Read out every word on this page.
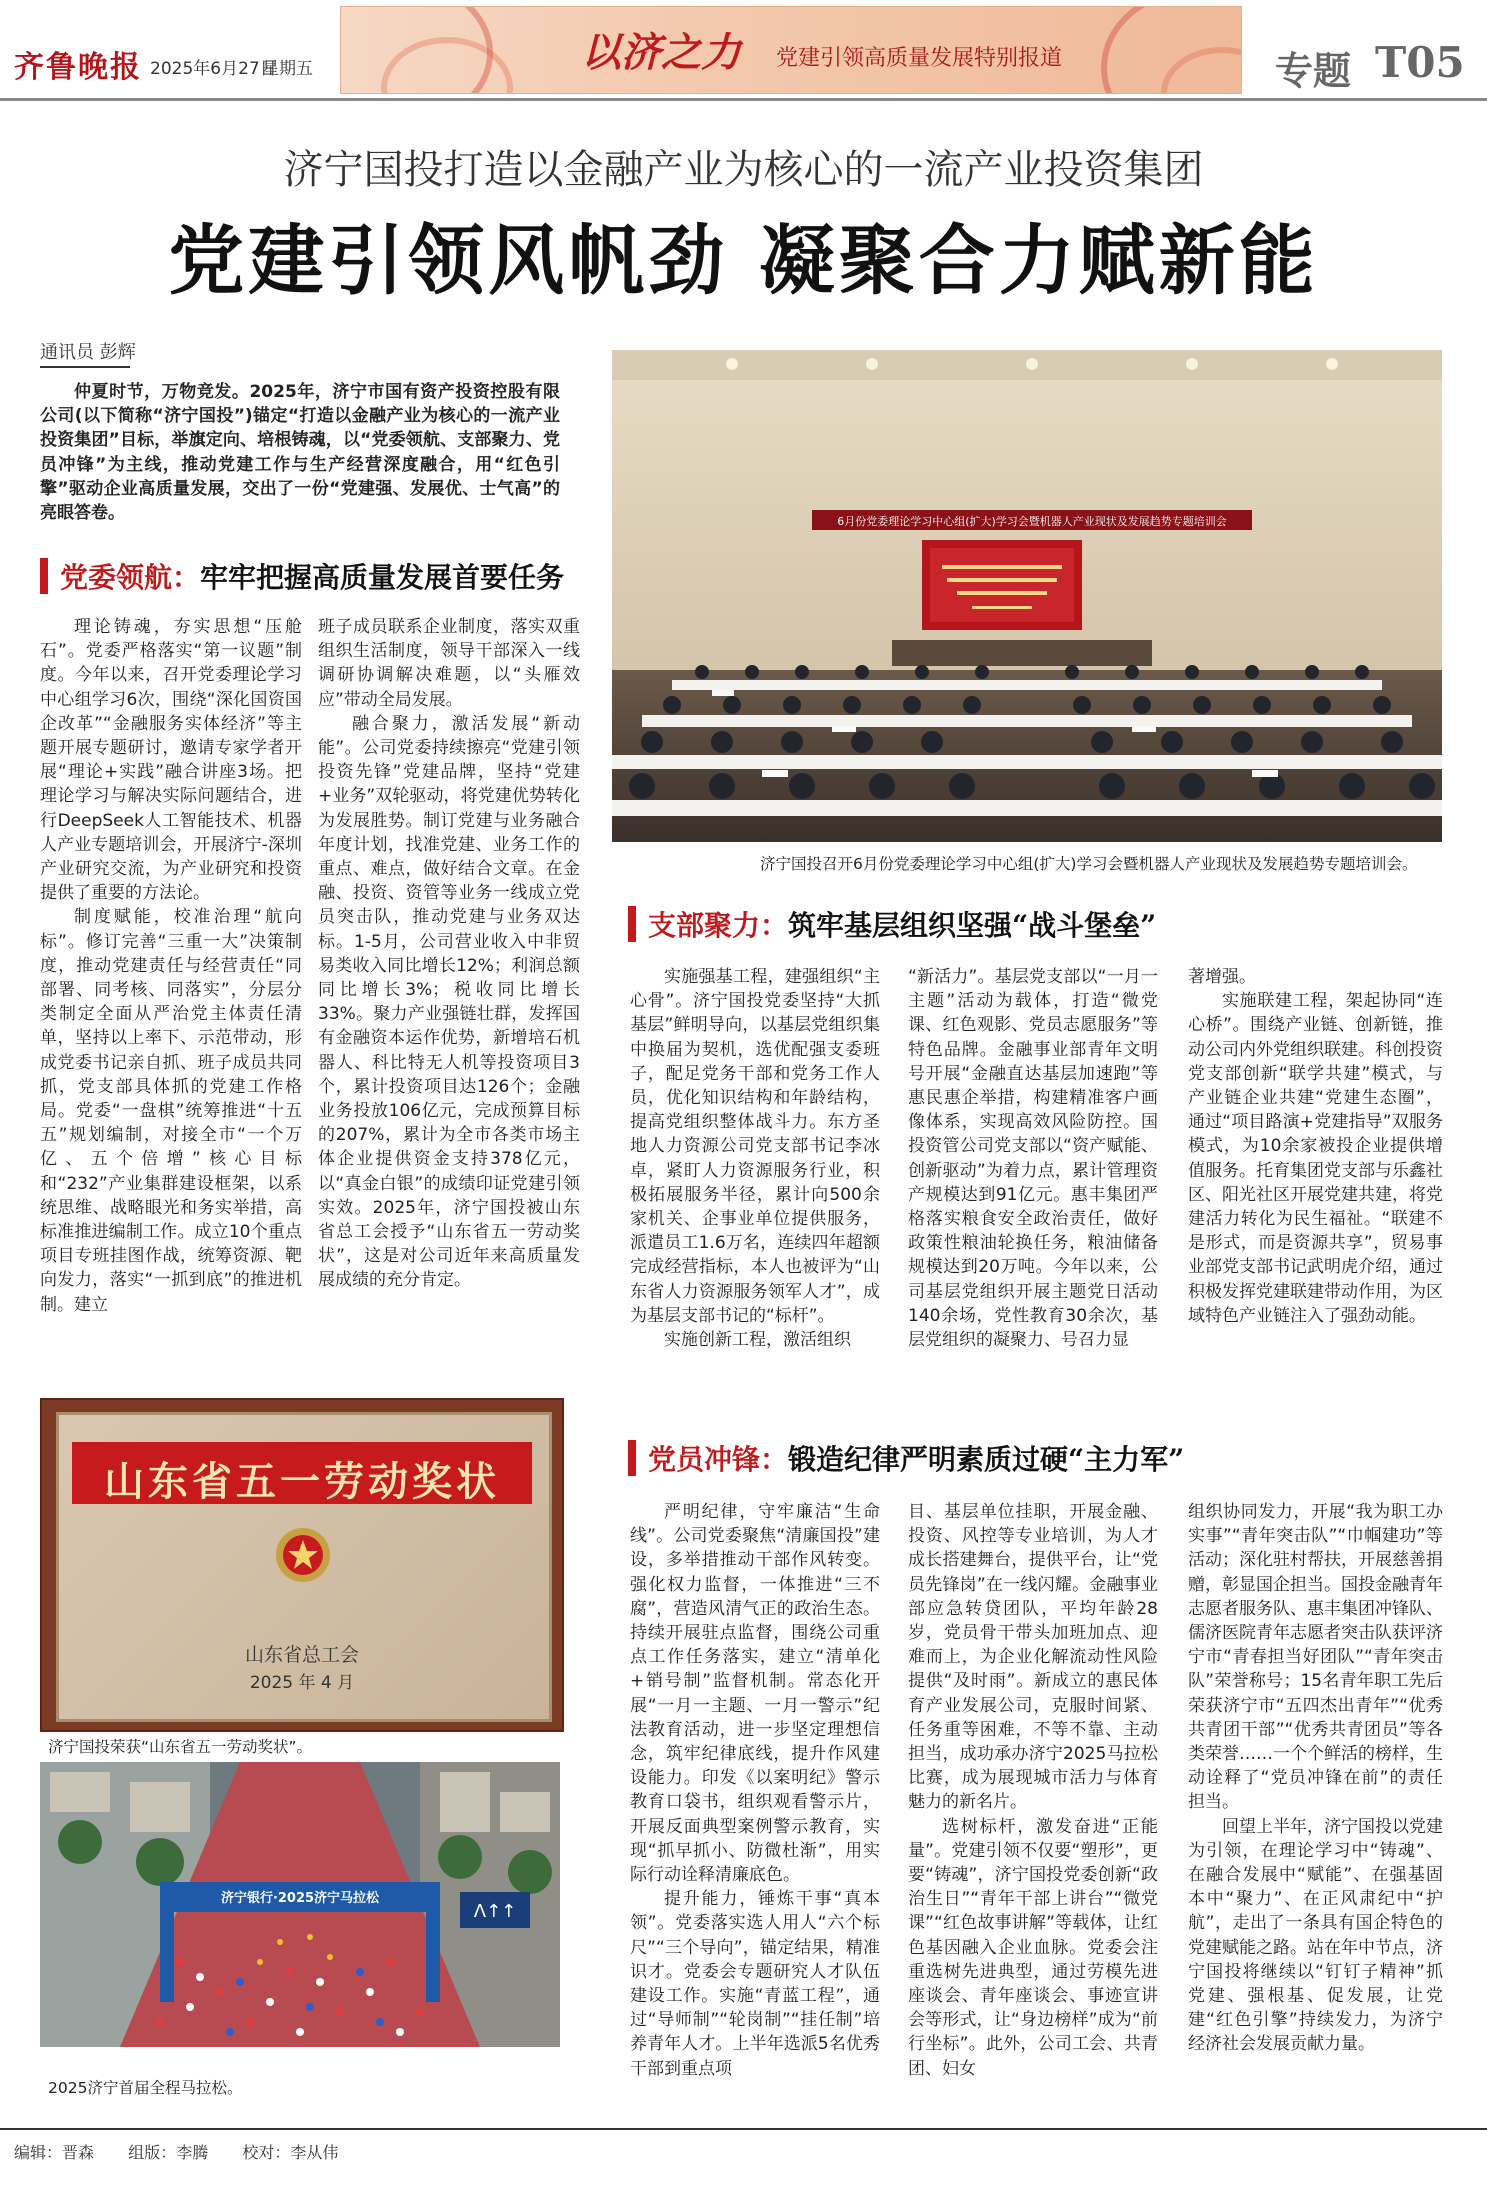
齐鲁晚报 2025年6月27日
星期五	以济之力 党建引领高质量发展特别报道	专题 T05
济宁国投打造以金融产业为核心的一流产业投资集团
党建引领风帆劲 凝聚合力赋新能
通讯员 彭辉

仲夏时节，万物竞发。2025年，济宁市国有资产投资控股有限公司(以下简称“济宁国投”)锚定“打造以金融产业为核心的一流产业投资集团”目标，举旗定向、培根铸魂，以“党委领航、支部聚力、党员冲锋”为主线，推动党建工作与生产经营深度融合，用“红色引擎”驱动企业高质量发展，交出了一份“党建强、发展优、士气高”的亮眼答卷。

党委领航： 牢牢把握高质量发展首要任务

理论铸魂，夯实思想“压舱石”。党委严格落实“第一议题”制度。今年以来，召开党委理论学习中心组学习6次，围绕“深化国资国企改革”“金融服务实体经济”等主题开展专题研讨，邀请专家学者开展“理论+实践”融合讲座3场。把理论学习与解决实际问题结合，进行DeepSeek人工智能技术、机器人产业专题培训会，开展济宁-深圳产业研究交流，为产业研究和投资提供了重要的方法论。

制度赋能，校准治理“航向标”。修订完善“三重一大”决策制度，推动党建责任与经营责任“同部署、同考核、同落实”，分层分类制定全面从严治党主体责任清单，坚持以上率下、示范带动，形成党委书记亲自抓、班子成员共同抓，党支部具体抓的党建工作格局。党委“一盘棋”统筹推进“十五五”规划编制，对接全市“一个万亿、五个倍增”核心目标和“232”产业集群建设框架，以系统思维、战略眼光和务实举措，高标准推进编制工作。成立10个重点项目专班挂图作战，统筹资源、靶向发力，落实“一抓到底”的推进机制。建立

班子成员联系企业制度，落实双重组织生活制度，领导干部深入一线调研协调解决难题，以“头雁效应”带动全局发展。

融合聚力，激活发展“新动能”。公司党委持续擦亮“党建引领 投资先锋”党建品牌，坚持“党建+业务”双轮驱动，将党建优势转化为发展胜势。制订党建与业务融合年度计划，找准党建、业务工作的重点、难点，做好结合文章。在金融、投资、资管等业务一线成立党员突击队，推动党建与业务双达标。1-5月，公司营业收入中非贸易类收入同比增长12%；利润总额同比增长3%；税收同比增长33%。聚力产业强链壮群，发挥国有金融资本运作优势，新增培石机器人、科比特无人机等投资项目3个，累计投资项目达126个；金融业务投放106亿元，完成预算目标的207%，累计为全市各类市场主体企业提供资金支持378亿元，以“真金白银”的成绩印证党建引领实效。2025年，济宁国投被山东省总工会授予“山东省五一劳动奖状”，这是对公司近年来高质量发展成绩的充分肯定。

6月份党委理论学习中心组(扩大)学习会暨机器人产业现状及发展趋势专题培训会
济宁国投召开6月份党委理论学习中心组(扩大)学习会暨机器人产业现状及发展趋势专题培训会。
支部聚力： 筑牢基层组织坚强“战斗堡垒”

实施强基工程，建强组织“主心骨”。济宁国投党委坚持“大抓基层”鲜明导向，以基层党组织集中换届为契机，选优配强支委班子，配足党务干部和党务工作人员，优化知识结构和年龄结构，提高党组织整体战斗力。东方圣地人力资源公司党支部书记李冰卓，紧盯人力资源服务行业，积极拓展服务半径，累计向500余家机关、企事业单位提供服务，派遣员工1.6万名，连续四年超额完成经营指标，本人也被评为“山东省人力资源服务领军人才”，成为基层支部书记的“标杆”。

实施创新工程，激活组织

“新活力”。基层党支部以“一月一主题”活动为载体，打造“微党课、红色观影、党员志愿服务”等特色品牌。金融事业部青年文明号开展“金融直达基层加速跑”等惠民惠企举措，构建精准客户画像体系，实现高效风险防控。国投资管公司党支部以“资产赋能、创新驱动”为着力点，累计管理资产规模达到91亿元。惠丰集团严格落实粮食安全政治责任，做好政策性粮油轮换任务，粮油储备规模达到20万吨。今年以来，公司基层党组织开展主题党日活动140余场，党性教育30余次，基层党组织的凝聚力、号召力显

著增强。

实施联建工程，架起协同“连心桥”。围绕产业链、创新链，推动公司内外党组织联建。科创投资党支部创新“联学共建”模式，与产业链企业共建“党建生态圈”，通过“项目路演+党建指导”双服务模式，为10余家被投企业提供增值服务。托育集团党支部与乐鑫社区、阳光社区开展党建共建，将党建活力转化为民生福祉。“联建不是形式，而是资源共享”，贸易事业部党支部书记武明虎介绍，通过积极发挥党建联建带动作用，为区域特色产业链注入了强劲动能。

山东省五一劳动奖状
山东省总工会
2025 年 4 月
济宁国投荣获“山东省五一劳动奖状”。
济宁银行·2025济宁马拉松
ᐱ↑↑
2025济宁首届全程马拉松。
党员冲锋： 锻造纪律严明素质过硬“主力军”

严明纪律，守牢廉洁“生命线”。公司党委聚焦“清廉国投”建设，多举措推动干部作风转变。强化权力监督，一体推进“三不腐”，营造风清气正的政治生态。持续开展驻点监督，围绕公司重点工作任务落实，建立“清单化+销号制”监督机制。常态化开展“一月一主题、一月一警示”纪法教育活动，进一步坚定理想信念，筑牢纪律底线，提升作风建设能力。印发《以案明纪》警示教育口袋书，组织观看警示片，开展反面典型案例警示教育，实现“抓早抓小、防微杜渐”，用实际行动诠释清廉底色。

提升能力，锤炼干事“真本领”。党委落实选人用人“六个标尺”“三个导向”，锚定结果，精准识才。党委会专题研究人才队伍建设工作。实施“青蓝工程”，通过“导师制”“轮岗制”“挂任制”培养青年人才。上半年选派5名优秀干部到重点项

目、基层单位挂职，开展金融、投资、风控等专业培训，为人才成长搭建舞台，提供平台，让“党员先锋岗”在一线闪耀。金融事业部应急转贷团队，平均年龄28岁，党员骨干带头加班加点、迎难而上，为企业化解流动性风险提供“及时雨”。新成立的惠民体育产业发展公司，克服时间紧、任务重等困难，不等不靠、主动担当，成功承办济宁2025马拉松比赛，成为展现城市活力与体育魅力的新名片。

选树标杆，激发奋进“正能量”。党建引领不仅要“塑形”，更要“铸魂”，济宁国投党委创新“政治生日”“青年干部上讲台”“微党课”“红色故事讲解”等载体，让红色基因融入企业血脉。党委会注重选树先进典型，通过劳模先进座谈会、青年座谈会、事迹宣讲会等形式，让“身边榜样”成为“前行坐标”。此外，公司工会、共青团、妇女

组织协同发力，开展“我为职工办实事”“青年突击队”“巾帼建功”等活动；深化驻村帮扶，开展慈善捐赠，彰显国企担当。国投金融青年志愿者服务队、惠丰集团冲锋队、儒济医院青年志愿者突击队获评济宁市“青春担当好团队”“青年突击队”荣誉称号；15名青年职工先后荣获济宁市“五四杰出青年”“优秀共青团干部”“优秀共青团员”等各类荣誉……一个个鲜活的榜样，生动诠释了“党员冲锋在前”的责任担当。

回望上半年，济宁国投以党建为引领，在理论学习中“铸魂”、在融合发展中“赋能”、在强基固本中“聚力”、在正风肃纪中“护航”，走出了一条具有国企特色的党建赋能之路。站在年中节点，济宁国投将继续以“钉钉子精神”抓党建、强根基、促发展，让党建“红色引擎”持续发力，为济宁经济社会发展贡献力量。

编辑：晋森 组版：李腾 校对：李从伟
